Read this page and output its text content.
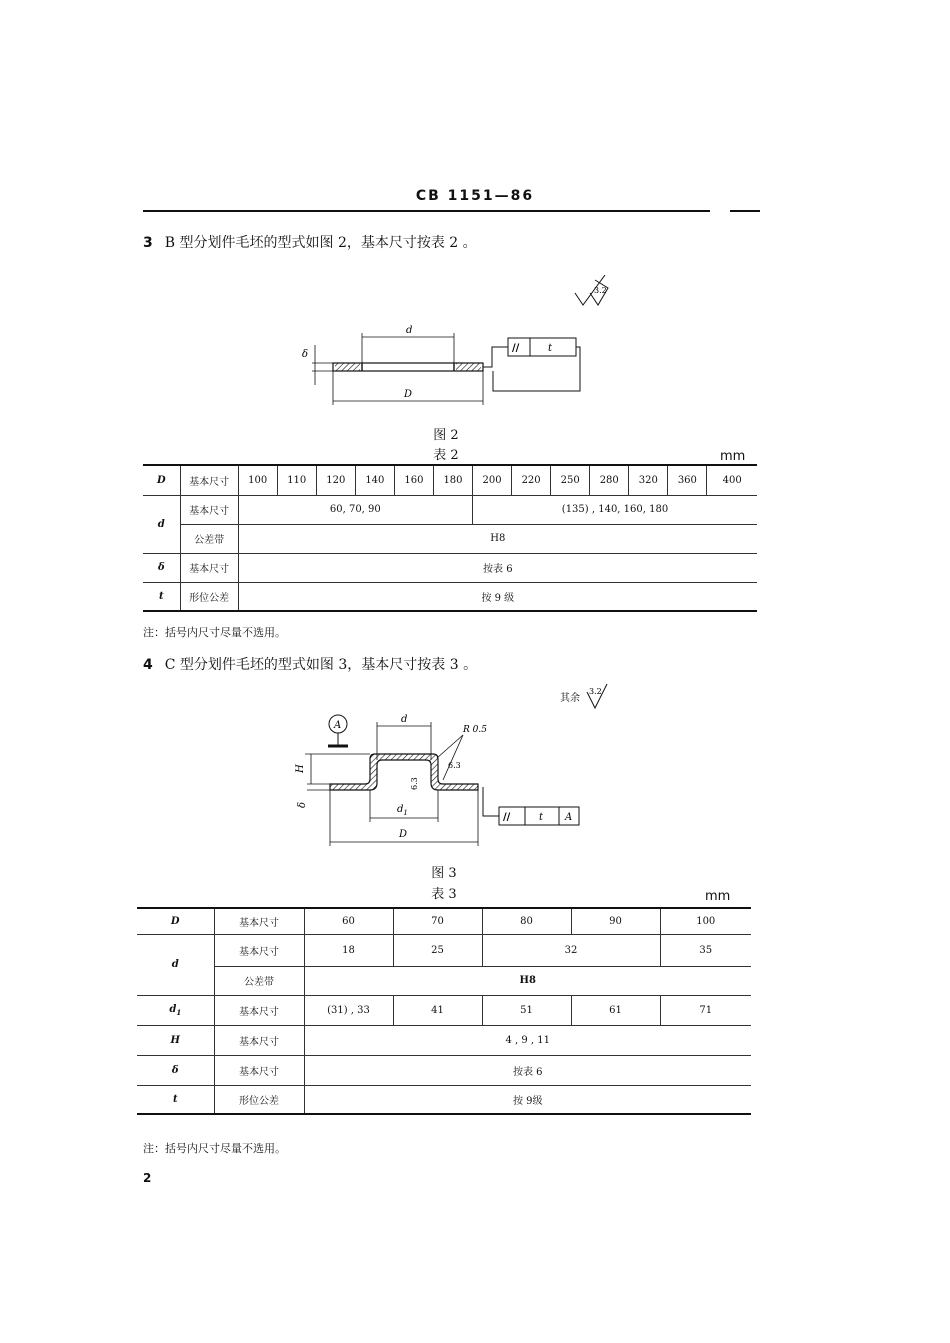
CB 1151—86
3 B 型分划件毛坯的型式如图 2，基本尺寸按表 2 。
3.2
d
D
δ
//	t
图 2
表 2	mm
D	基本尺寸	100	110	120	140	160	180	200	220	250	280	320	360	400
d	基本尺寸	60, 70, 90						(135) , 140, 160, 180						
	公差带	H8												
δ	基本尺寸	按表 6												
t	形位公差	按 9 级												
注：括号内尺寸尽量不选用。
4 C 型分划件毛坯的型式如图 3，基本尺寸按表 3 。
其余
3.2
A
d
R 0.5
6.3
6.3
H
δ	$d_1$
D
//	t A
图 3
表 3	mm
D	基本尺寸	60	70	80	90	100
d	基本尺寸	18	25	32		35
	公差带	H8				
$d_1$	基本尺寸	(31) , 33	41	51	61	71
H	基本尺寸	4 , 9 , 11				
δ	基本尺寸	按表 6				
t	形位公差	按 9级				
注：括号内尺寸尽量不选用。
2
